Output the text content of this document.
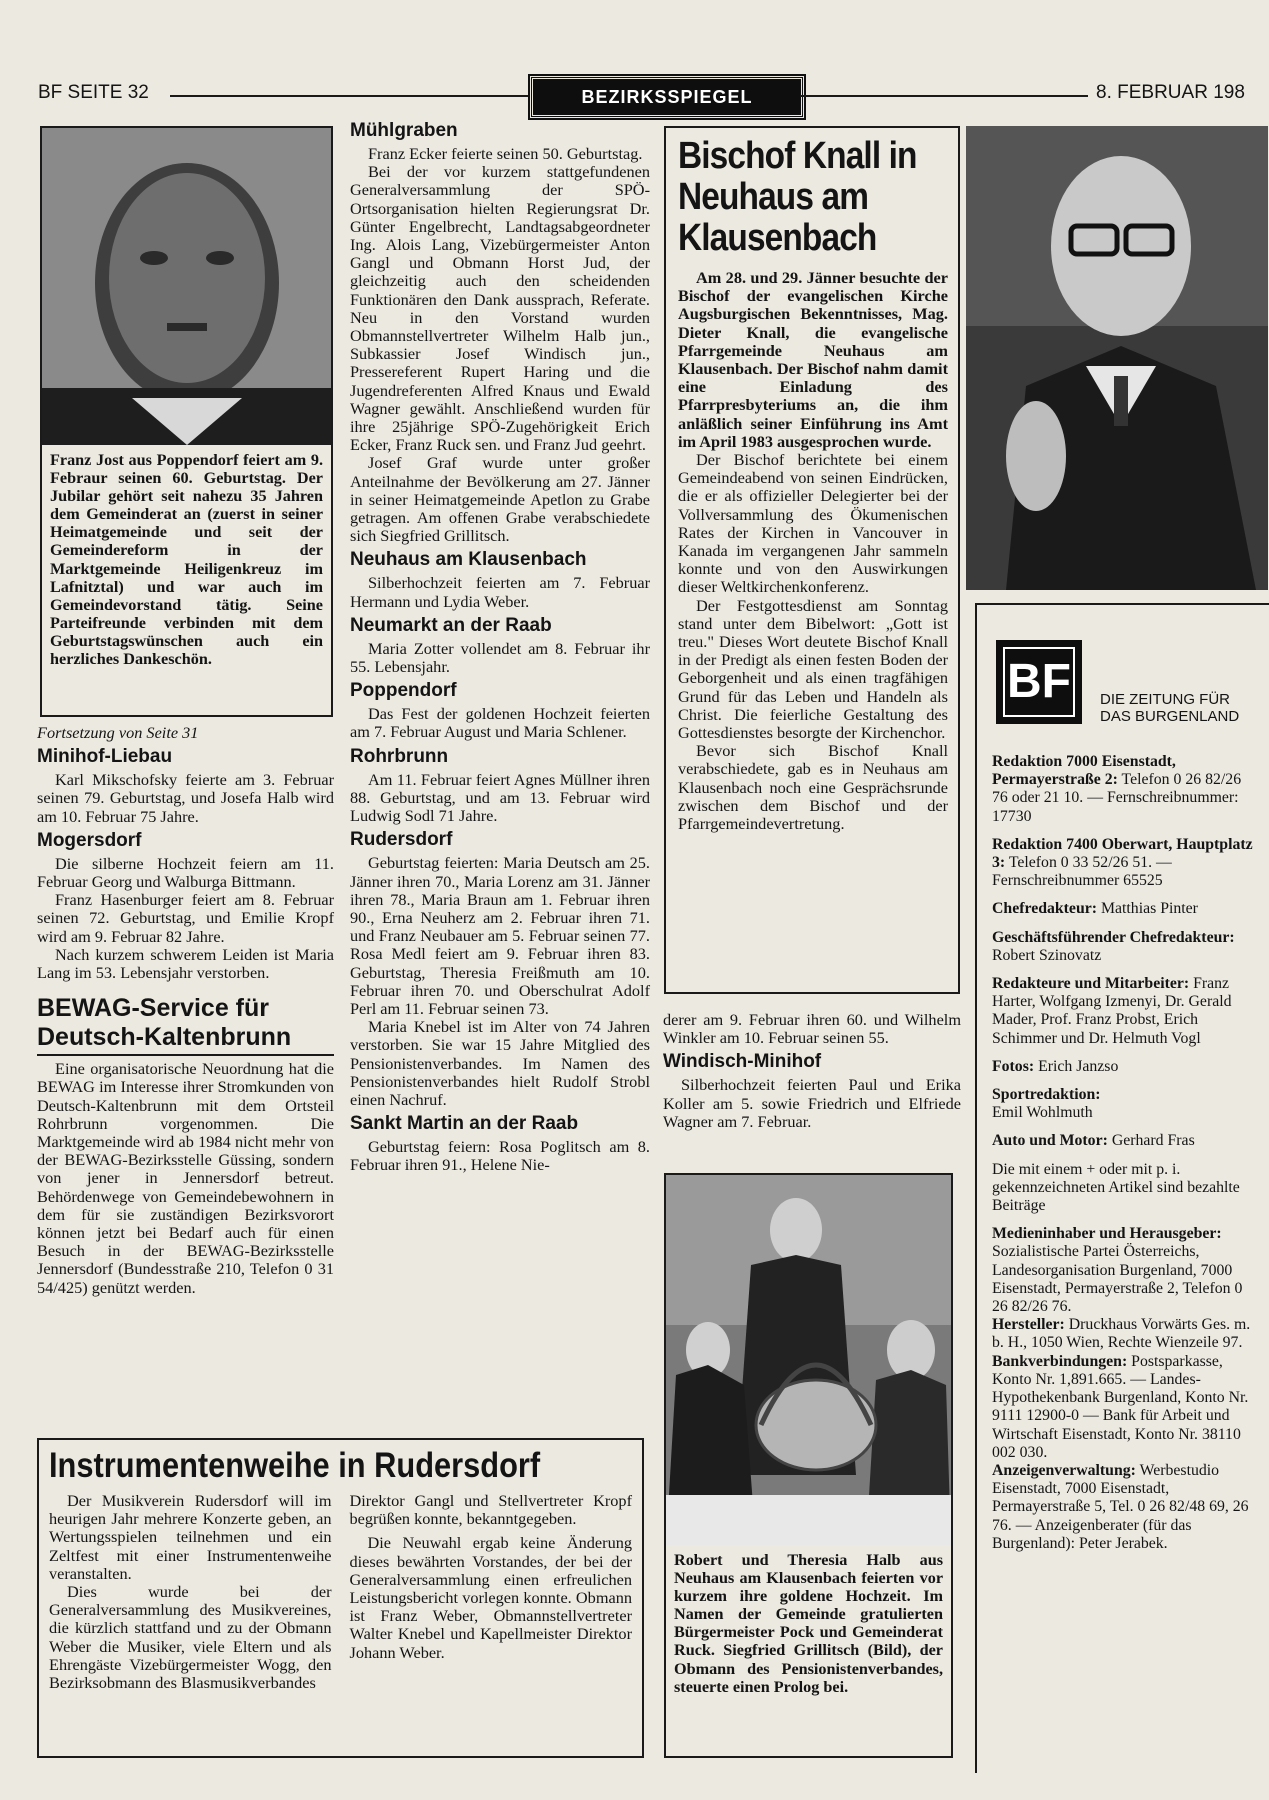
BF SEITE 32	BEZIRKSSPIEGEL	8. FEBRUAR 198
Franz Jost aus Poppendorf feiert am 9. Febraur seinen 60. Geburtstag. Der Jubilar gehört seit nahezu 35 Jahren dem Gemeinderat an (zuerst in seiner Heimatgemeinde und seit der Gemeindereform in der Marktgemeinde Heiligenkreuz im Lafnitztal) und war auch im Gemeindevorstand tätig. Seine Parteifreunde verbinden mit dem Geburtstagswünschen auch ein herzliches Dankeschön.
Fortsetzung von Seite 31
Minihof-Liebau

Karl Mikschofsky feierte am 3. Februar seinen 79. Geburtstag, und Josefa Halb wird am 10. Februar 75 Jahre.

Mogersdorf

Die silberne Hochzeit feiern am 11. Februar Georg und Walburga Bittmann.

Franz Hasenburger feiert am 8. Februar seinen 72. Geburtstag, und Emilie Kropf wird am 9. Februar 82 Jahre.

Nach kurzem schwerem Leiden ist Maria Lang im 53. Lebensjahr verstorben.

BEWAG-Service für Deutsch-Kaltenbrunn

Eine organisatorische Neuordnung hat die BEWAG im Interesse ihrer Stromkunden von Deutsch-Kaltenbrunn mit dem Ortsteil Rohrbrunn vorgenommen. Die Marktgemeinde wird ab 1984 nicht mehr von der BEWAG-Bezirksstelle Güssing, sondern von jener in Jennersdorf betreut. Behördenwege von Gemeindebewohnern in dem für sie zuständigen Bezirksvorort können jetzt bei Bedarf auch für einen Besuch in der BEWAG-Bezirksstelle Jennersdorf (Bundesstraße 210, Telefon 0 31 54/425) genützt werden.

Mühlgraben

Franz Ecker feierte seinen 50. Geburtstag.

Bei der vor kurzem stattgefundenen Generalversammlung der SPÖ-Ortsorganisation hielten Regierungsrat Dr. Günter Engelbrecht, Landtagsabgeordneter Ing. Alois Lang, Vizebürgermeister Anton Gangl und Obmann Horst Jud, der gleichzeitig auch den scheidenden Funktionären den Dank aussprach, Referate. Neu in den Vorstand wurden Obmannstellvertreter Wilhelm Halb jun., Subkassier Josef Windisch jun., Pressereferent Rupert Haring und die Jugendreferenten Alfred Knaus und Ewald Wagner gewählt. Anschließend wurden für ihre 25jährige SPÖ-Zugehörigkeit Erich Ecker, Franz Ruck sen. und Franz Jud geehrt.

Josef Graf wurde unter großer Anteilnahme der Bevölkerung am 27. Jänner in seiner Heimatgemeinde Apetlon zu Grabe getragen. Am offenen Grabe verabschiedete sich Siegfried Grillitsch.

Neuhaus am Klausenbach

Silberhochzeit feierten am 7. Februar Hermann und Lydia Weber.

Neumarkt an der Raab

Maria Zotter vollendet am 8. Februar ihr 55. Lebensjahr.

Poppendorf

Das Fest der goldenen Hochzeit feierten am 7. Februar August und Maria Schlener.

Rohrbrunn

Am 11. Februar feiert Agnes Müllner ihren 88. Geburtstag, und am 13. Februar wird Ludwig Sodl 71 Jahre.

Rudersdorf

Geburtstag feierten: Maria Deutsch am 25. Jänner ihren 70., Maria Lorenz am 31. Jänner ihren 78., Maria Braun am 1. Februar ihren 90., Erna Neuherz am 2. Februar ihren 71. und Franz Neubauer am 5. Februar seinen 77. Rosa Medl feiert am 9. Februar ihren 83. Geburtstag, Theresia Freißmuth am 10. Februar ihren 70. und Oberschulrat Adolf Perl am 11. Februar seinen 73.

Maria Knebel ist im Alter von 74 Jahren verstorben. Sie war 15 Jahre Mitglied des Pensionistenverbandes. Im Namen des Pensionistenverbandes hielt Rudolf Strobl einen Nachruf.

Sankt Martin an der Raab

Geburtstag feiern: Rosa Poglitsch am 8. Februar ihren 91., Helene Nie-

Bischof Knall in Neuhaus am Klausenbach
Am 28. und 29. Jänner besuchte der Bischof der evangelischen Kirche Augsburgischen Bekenntnisses, Mag. Dieter Knall, die evangelische Pfarrgemeinde Neuhaus am Klausenbach. Der Bischof nahm damit eine Einladung des Pfarrpresbyteriums an, die ihm anläßlich seiner Einführung ins Amt im April 1983 ausgesprochen wurde.

Der Bischof berichtete bei einem Gemeindeabend von seinen Eindrücken, die er als offizieller Delegierter bei der Vollversammlung des Ökumenischen Rates der Kirchen in Vancouver in Kanada im vergangenen Jahr sammeln konnte und von den Auswirkungen dieser Weltkirchenkonferenz.

Der Festgottesdienst am Sonntag stand unter dem Bibelwort: „Gott ist treu." Dieses Wort deutete Bischof Knall in der Predigt als einen festen Boden der Geborgenheit und als einen tragfähigen Grund für das Leben und Handeln als Christ. Die feierliche Gestaltung des Gottesdienstes besorgte der Kirchenchor.

Bevor sich Bischof Knall verabschiedete, gab es in Neuhaus am Klausenbach noch eine Gesprächsrunde zwischen dem Bischof und der Pfarrgemeindevertretung.

BF DIE ZEITUNG FÜR
DAS BURGENLAND
Redaktion 7000 Eisenstadt, Permayerstraße 2: Telefon 0 26 82/26 76 oder 21 10. — Fernschreibnummer: 17730
Redaktion 7400 Oberwart, Hauptplatz 3: Telefon 0 33 52/26 51. — Fernschreibnummer 65525
Chefredakteur: Matthias Pinter
Geschäftsführender Chefredakteur:
Robert Szinovatz
Redakteure und Mitarbeiter: Franz Harter, Wolfgang Izmenyi, Dr. Gerald Mader, Prof. Franz Probst, Erich Schimmer und Dr. Helmuth Vogl
Fotos: Erich Janzso
Sportredaktion:
Emil Wohlmuth
Auto und Motor: Gerhard Fras
Die mit einem + oder mit p. i. gekennzeichneten Artikel sind bezahlte Beiträge
Medieninhaber und Herausgeber: Sozialistische Partei Österreichs, Landesorganisation Burgenland, 7000 Eisenstadt, Permayerstraße 2, Telefon 0 26 82/26 76.
Hersteller: Druckhaus Vorwärts Ges. m. b. H., 1050 Wien, Rechte Wienzeile 97.
Bankverbindungen: Postsparkasse, Konto Nr. 1,891.665. — Landes-Hypothekenbank Burgenland, Konto Nr. 9111 12900-0 — Bank für Arbeit und Wirtschaft Eisenstadt, Konto Nr. 38110 002 030.
Anzeigenverwaltung: Werbestudio Eisenstadt, 7000 Eisenstadt, Permayerstraße 5, Tel. 0 26 82/48 69, 26 76. — Anzeigenberater (für das Burgenland): Peter Jerabek.
derer am 9. Februar ihren 60. und Wilhelm Winkler am 10. Februar seinen 55.
Windisch-Minihof

Silberhochzeit feierten Paul und Erika Koller am 5. sowie Friedrich und Elfriede Wagner am 7. Februar.

Robert und Theresia Halb aus Neuhaus am Klausenbach feierten vor kurzem ihre goldene Hochzeit. Im Namen der Gemeinde gratulierten Bürgermeister Pock und Gemeinderat Ruck. Siegfried Grillitsch (Bild), der Obmann des Pensionistenverbandes, steuerte einen Prolog bei.
Instrumentenweihe in Rudersdorf

Der Musikverein Rudersdorf will im heurigen Jahr mehrere Konzerte geben, an Wertungsspielen teilnehmen und ein Zeltfest mit einer Instrumentenweihe veranstalten.

Dies wurde bei der Generalversammlung des Musikvereines, die kürzlich stattfand und zu der Obmann Weber die Musiker, viele Eltern und als Ehrengäste Vizebürgermeister Wogg, den Bezirksobmann des Blasmusikverbandes

Direktor Gangl und Stellvertreter Kropf begrüßen konnte, bekanntgegeben.

Die Neuwahl ergab keine Änderung dieses bewährten Vorstandes, der bei der Generalversammlung einen erfreulichen Leistungsbericht vorlegen konnte. Obmann ist Franz Weber, Obmannstellvertreter Walter Knebel und Kapellmeister Direktor Johann Weber.
